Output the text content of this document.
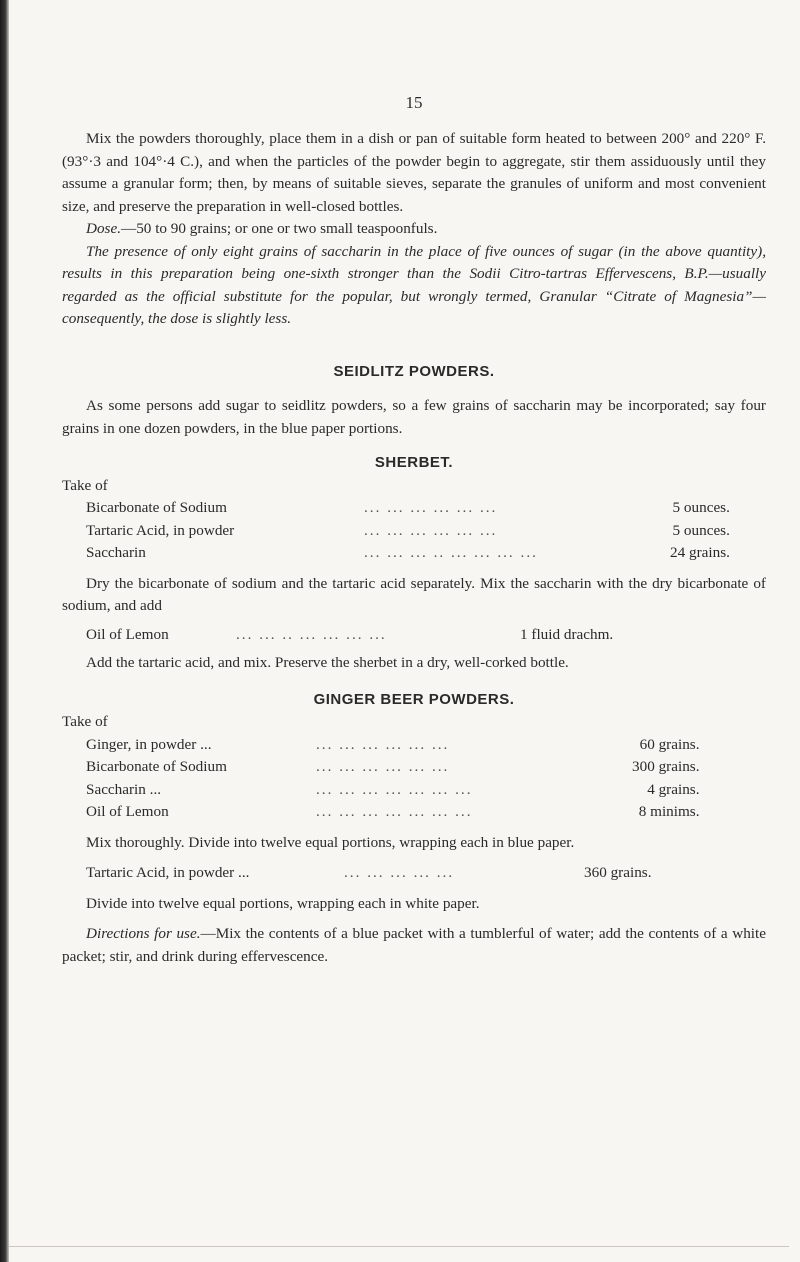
15

Mix the powders thoroughly, place them in a dish or pan of suitable form heated to between 200° and 220° F. (93°·3 and 104°·4 C.), and when the particles of the powder begin to aggregate, stir them assiduously until they assume a granular form; then, by means of suitable sieves, separate the granules of uniform and most convenient size, and preserve the preparation in well-closed bottles.

Dose.—50 to 90 grains; or one or two small teaspoonfuls.

The presence of only eight grains of saccharin in the place of five ounces of sugar (in the above quantity), results in this preparation being one-sixth stronger than the Sodii Citro-tartras Effervescens, B.P.—usually regarded as the official substitute for the popular, but wrongly termed, Granular “Citrate of Magnesia”—consequently, the dose is slightly less.

SEIDLITZ POWDERS.

As some persons add sugar to seidlitz powders, so a few grains of saccharin may be incorporated; say four grains in one dozen powders, in the blue paper portions.

SHERBET.
Take of
Bicarbonate of Sodium	... ... ... ... ... ...	5 ounces.
Tartaric Acid, in powder	... ... ... ... ... ...	5 ounces.
Saccharin	... ... ... .. ... ... ... ...	24 grains.

Dry the bicarbonate of sodium and the tartaric acid separately. Mix the saccharin with the dry bicarbonate of sodium, and add

Oil of Lemon	... ... .. ... ... ... ...	1 fluid drachm.

Add the tartaric acid, and mix. Preserve the sherbet in a dry, well-corked bottle.

GINGER BEER POWDERS.
Take of
Ginger, in powder ...	... ... ... ... ... ...	60 grains.
Bicarbonate of Sodium	... ... ... ... ... ...	300 grains.
Saccharin ...	... ... ... ... ... ... ...	4 grains.
Oil of Lemon	... ... ... ... ... ... ...	8 minims.

Mix thoroughly. Divide into twelve equal portions, wrapping each in blue paper.

Tartaric Acid, in powder ...	... ... ... ... ...	360 grains.

Divide into twelve equal portions, wrapping each in white paper.

Directions for use.—Mix the contents of a blue packet with a tumblerful of water; add the contents of a white packet; stir, and drink during effervescence.
